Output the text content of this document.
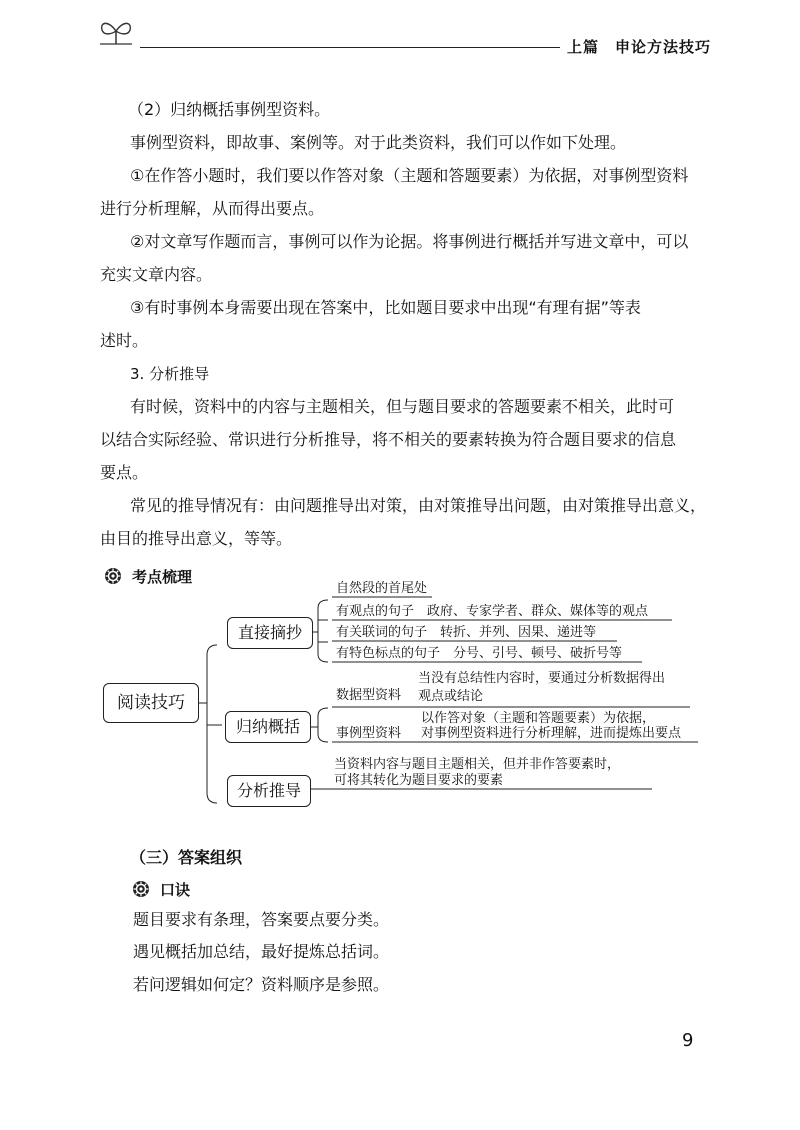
上篇　申论方法技巧
（2）归纳概括事例型资料。
事例型资料，即故事、案例等。对于此类资料，我们可以作如下处理。
①在作答小题时，我们要以作答对象（主题和答题要素）为依据，对事例型资料
进行分析理解，从而得出要点。
②对文章写作题而言，事例可以作为论据。将事例进行概括并写进文章中，可以
充实文章内容。
③有时事例本身需要出现在答案中，比如题目要求中出现“有理有据”等表
述时。
3. 分析推导
有时候，资料中的内容与主题相关，但与题目要求的答题要素不相关，此时可
以结合实际经验、常识进行分析推导，将不相关的要素转换为符合题目要求的信息
要点。
常见的推导情况有：由问题推导出对策，由对策推导出问题，由对策推导出意义，
由目的推导出意义，等等。
考点梳理
阅读技巧
直接摘抄
归纳概括
分析推导
自然段的首尾处
有观点的句子　政府、专家学者、群众、媒体等的观点
有关联词的句子　转折、并列、因果、递进等
有特色标点的句子　分号、引号、顿号、破折号等
当没有总结性内容时，要通过分析数据得出
数据型资料 观点或结论
以作答对象（主题和答题要素）为依据，
事例型资料 对事例型资料进行分析理解，进而提炼出要点
当资料内容与题目主题相关，但并非作答要素时，
可将其转化为题目要求的要素
（三）答案组织
口诀
题目要求有条理，答案要点要分类。
遇见概括加总结，最好提炼总括词。
若问逻辑如何定？资料顺序是参照。
9
